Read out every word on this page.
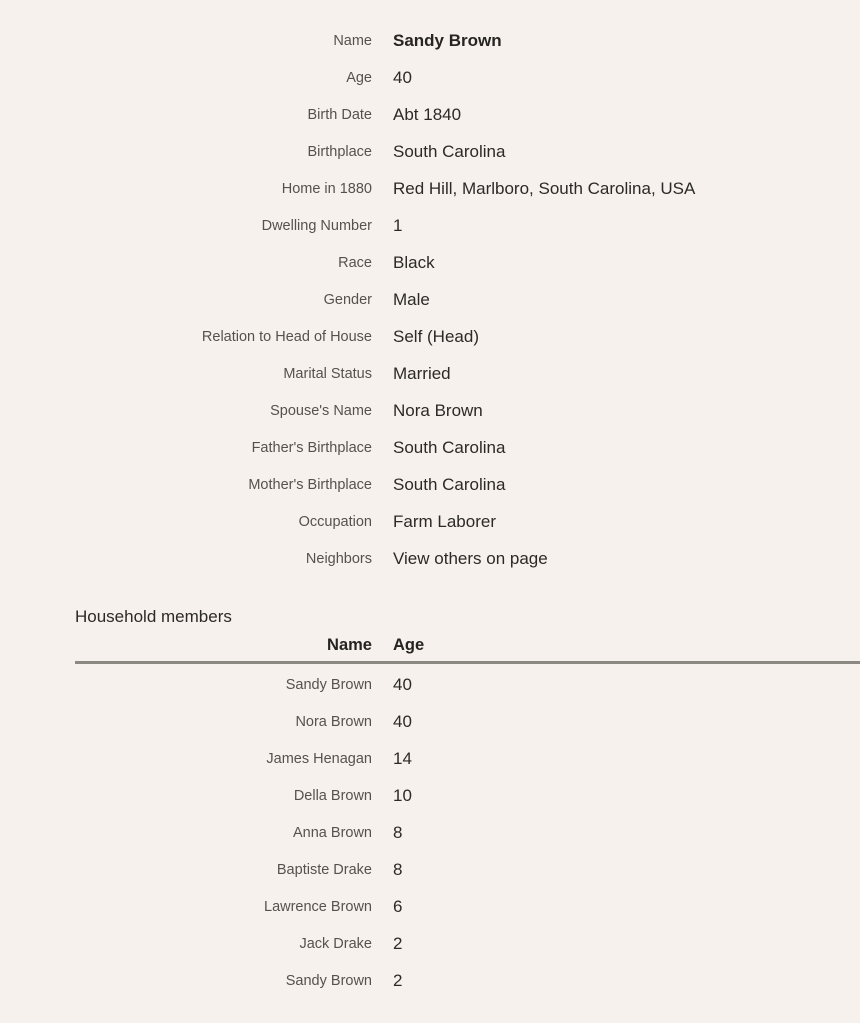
Name Sandy Brown
Age 40
Birth Date Abt 1840
Birthplace South Carolina
Home in 1880 Red Hill, Marlboro, South Carolina, USA
Dwelling Number 1
Race Black
Gender Male
Relation to Head of House Self (Head)
Marital Status Married
Spouse's Name Nora Brown
Father's Birthplace South Carolina
Mother's Birthplace South Carolina
Occupation Farm Laborer
Neighbors View others on page
Household members
Name Age
Sandy Brown 40
Nora Brown 40
James Henagan 14
Della Brown 10
Anna Brown 8
Baptiste Drake 8
Lawrence Brown 6
Jack Drake 2
Sandy Brown 2
